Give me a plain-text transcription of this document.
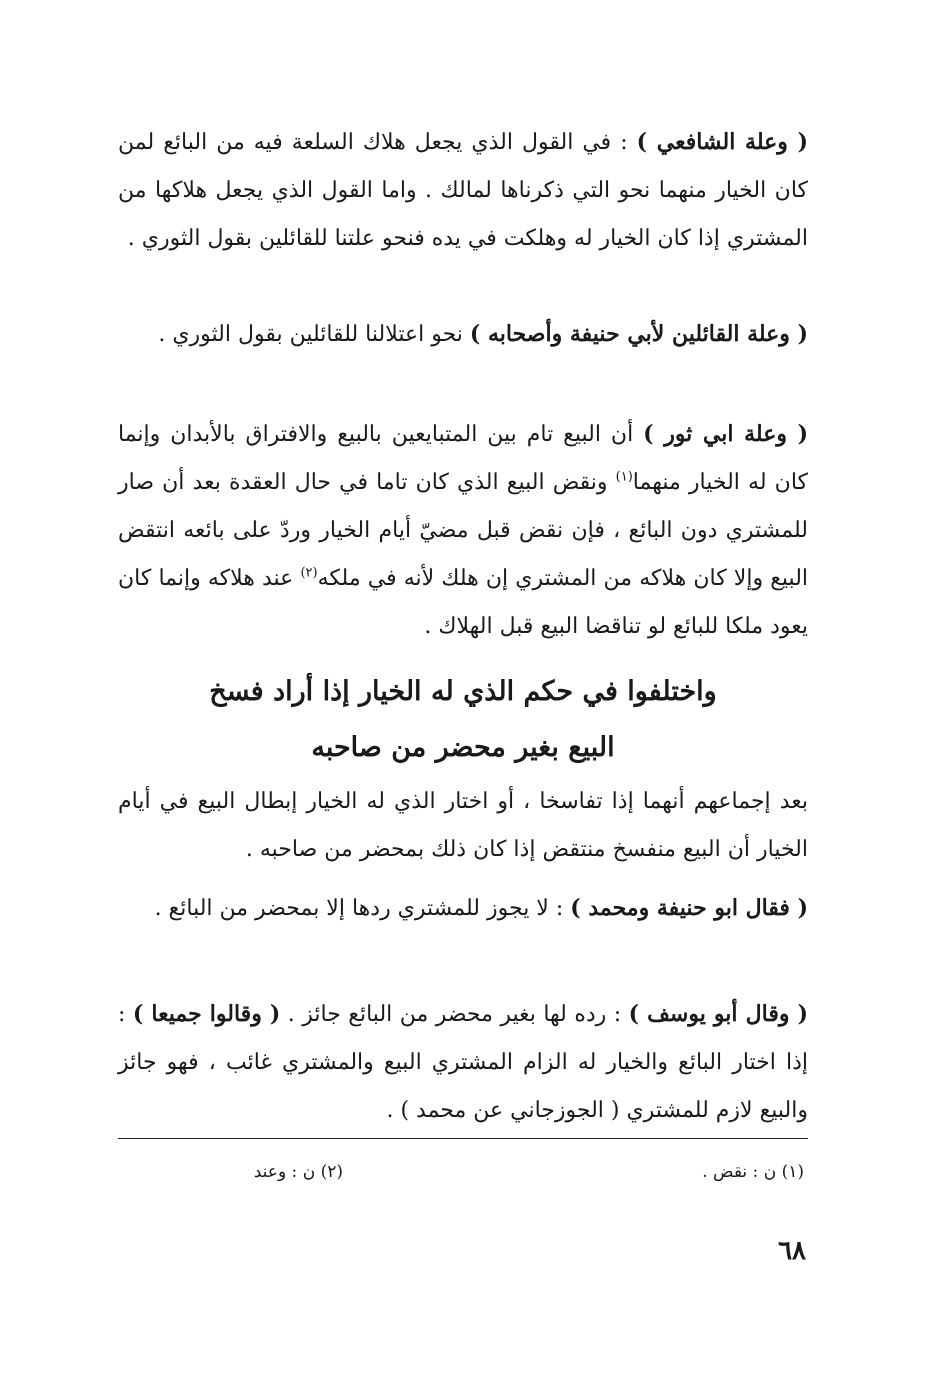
( وعلة الشافعي ) : في القول الذي يجعل هلاك السلعة فيه من البائع لمن كان الخيار منهما نحو التي ذكرناها لمالك . واما القول الذي يجعل هلاكها من المشتري إذا كان الخيار له وهلكت في يده فنحو علتنا للقائلين بقول الثوري .
( وعلة القائلين لأبي حنيفة وأصحابه ) نحو اعتلالنا للقائلين بقول الثوري .
( وعلة ابي ثور ) أن البيع تام بين المتبايعين بالبيع والافتراق بالأبدان وإنما كان له الخيار منهما$^{(١)}$ ونقض البيع الذي كان تاما في حال العقدة بعد أن صار للمشتري دون البائع ، فإن نقض قبل مضيّ أيام الخيار وردّ على بائعه انتقض البيع وإلا كان هلاكه من المشتري إن هلك لأنه في ملكه$^{(٢)}$ عند هلاكه وإنما كان يعود ملكا للبائع لو تناقضا البيع قبل الهلاك .
واختلفوا في حكم الذي له الخيار إذا أراد فسخ
البيع بغير محضر من صاحبه
بعد إجماعهم أنهما إذا تفاسخا ، أو اختار الذي له الخيار إبطال البيع في أيام الخيار أن البيع منفسخ منتقض إذا كان ذلك بمحضر من صاحبه .
( فقال ابو حنيفة ومحمد ) : لا يجوز للمشتري ردها إلا بمحضر من البائع .
( وقال أبو يوسف ) : رده لها بغير محضر من البائع جائز . ( وقالوا جميعا ) : إذا اختار البائع والخيار له الزام المشتري البيع والمشتري غائب ، فهو جائز والبيع لازم للمشتري ( الجوزجاني عن محمد ) .
(١) ن : نقض .
(٢) ن : وعند
٦٨
